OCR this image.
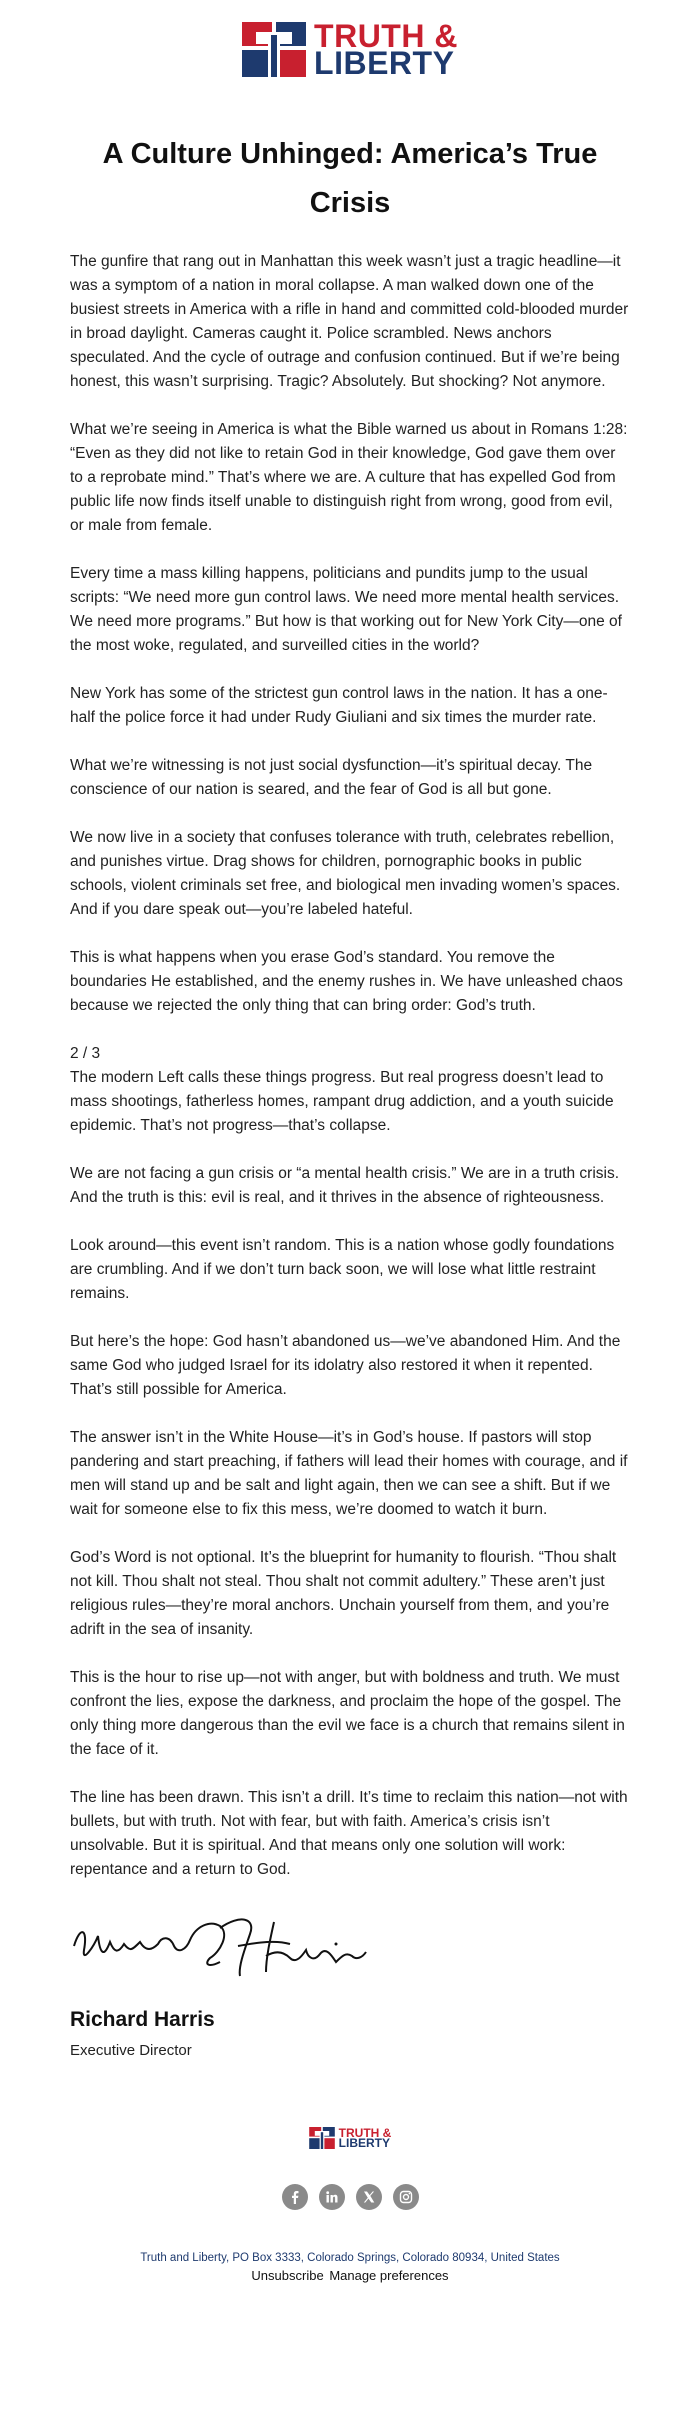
TRUTH &
LIBERTY
A Culture Unhinged: America’s True Crisis

The gunfire that rang out in Manhattan this week wasn’t just a tragic headline—it was a symptom of a nation in moral collapse. A man walked down one of the busiest streets in America with a rifle in hand and committed cold-blooded murder in broad daylight. Cameras caught it. Police scrambled. News anchors speculated. And the cycle of outrage and confusion continued. But if we’re being honest, this wasn’t surprising. Tragic? Absolutely. But shocking? Not anymore.

What we’re seeing in America is what the Bible warned us about in Romans 1:28: “Even as they did not like to retain God in their knowledge, God gave them over to a reprobate mind.” That’s where we are. A culture that has expelled God from public life now finds itself unable to distinguish right from wrong, good from evil, or male from female.

Every time a mass killing happens, politicians and pundits jump to the usual scripts: “We need more gun control laws. We need more mental health services. We need more programs.” But how is that working out for New York City—one of the most woke, regulated, and surveilled cities in the world?

New York has some of the strictest gun control laws in the nation. It has a one-half the police force it had under Rudy Giuliani and six times the murder rate.

What we’re witnessing is not just social dysfunction—it’s spiritual decay. The conscience of our nation is seared, and the fear of God is all but gone.

We now live in a society that confuses tolerance with truth, celebrates rebellion, and punishes virtue. Drag shows for children, pornographic books in public schools, violent criminals set free, and biological men invading women’s spaces. And if you dare speak out—you’re labeled hateful.

This is what happens when you erase God’s standard. You remove the boundaries He established, and the enemy rushes in. We have unleashed chaos because we rejected the only thing that can bring order: God’s truth.

2 / 3

The modern Left calls these things progress. But real progress doesn’t lead to mass shootings, fatherless homes, rampant drug addiction, and a youth suicide epidemic. That’s not progress—that’s collapse.

We are not facing a gun crisis or “a mental health crisis.” We are in a truth crisis. And the truth is this: evil is real, and it thrives in the absence of righteousness.

Look around—this event isn’t random. This is a nation whose godly foundations are crumbling. And if we don’t turn back soon, we will lose what little restraint remains.

But here’s the hope: God hasn’t abandoned us—we’ve abandoned Him. And the same God who judged Israel for its idolatry also restored it when it repented. That’s still possible for America.

The answer isn’t in the White House—it’s in God’s house. If pastors will stop pandering and start preaching, if fathers will lead their homes with courage, and if men will stand up and be salt and light again, then we can see a shift. But if we wait for someone else to fix this mess, we’re doomed to watch it burn.

God’s Word is not optional. It’s the blueprint for humanity to flourish. “Thou shalt not kill. Thou shalt not steal. Thou shalt not commit adultery.” These aren’t just religious rules—they’re moral anchors. Unchain yourself from them, and you’re adrift in the sea of insanity.

This is the hour to rise up—not with anger, but with boldness and truth. We must confront the lies, expose the darkness, and proclaim the hope of the gospel. The only thing more dangerous than the evil we face is a church that remains silent in the face of it.

The line has been drawn. This isn’t a drill. It’s time to reclaim this nation—not with bullets, but with truth. Not with fear, but with faith. America’s crisis isn’t unsolvable. But it is spiritual. And that means only one solution will work: repentance and a return to God.

Richard Harris
Executive Director
TRUTH &
LIBERTY
Truth and Liberty, PO Box 3333, Colorado Springs, Colorado 80934, United States
Unsubscribe Manage preferences
